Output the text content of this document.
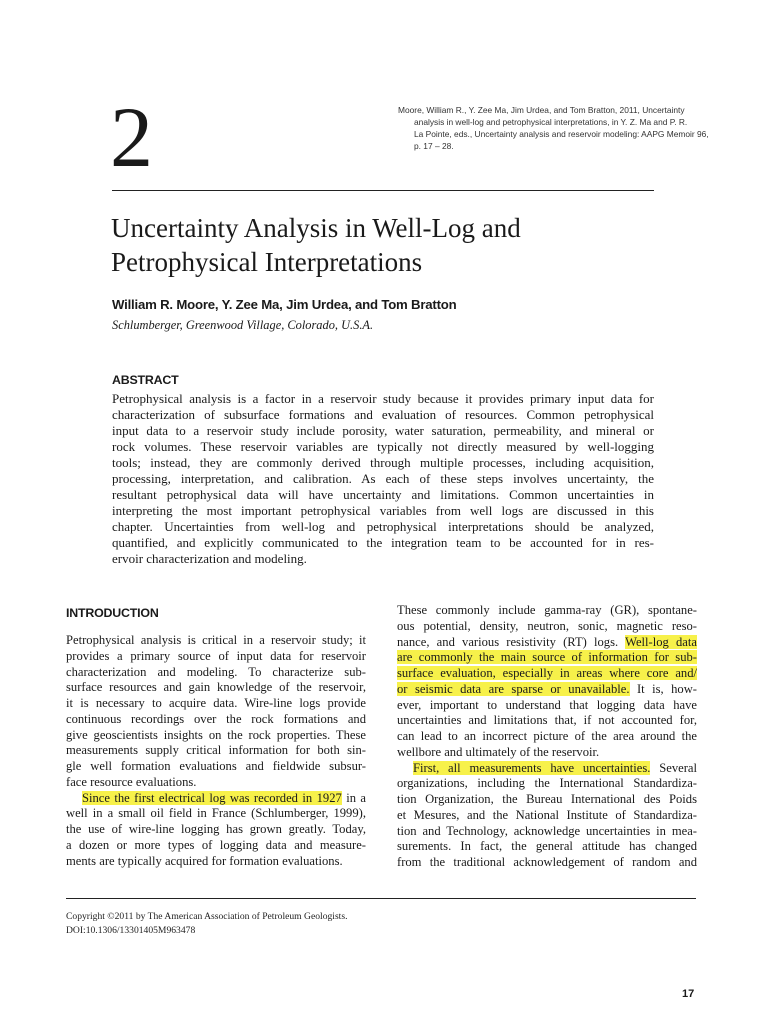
2	Moore, William R., Y. Zee Ma, Jim Urdea, and Tom Bratton, 2011, Uncertainty
analysis in well-log and petrophysical interpretations, in Y. Z. Ma and P. R.
La Pointe, eds., Uncertainty analysis and reservoir modeling: AAPG Memoir 96,
p. 17 – 28.
Uncertainty Analysis in Well-Log and
Petrophysical Interpretations
William R. Moore, Y. Zee Ma, Jim Urdea, and Tom Bratton
Schlumberger, Greenwood Village, Colorado, U.S.A.
ABSTRACT
Petrophysical analysis is a factor in a reservoir study because it provides primary input data for
characterization of subsurface formations and evaluation of resources. Common petrophysical
input data to a reservoir study include porosity, water saturation, permeability, and mineral or
rock volumes. These reservoir variables are typically not directly measured by well-logging
tools; instead, they are commonly derived through multiple processes, including acquisition,
processing, interpretation, and calibration. As each of these steps involves uncertainty, the
resultant petrophysical data will have uncertainty and limitations. Common uncertainties in
interpreting the most important petrophysical variables from well logs are discussed in this
chapter. Uncertainties from well-log and petrophysical interpretations should be analyzed,
quantified, and explicitly communicated to the integration team to be accounted for in res-
ervoir characterization and modeling.
INTRODUCTION
Petrophysical analysis is critical in a reservoir study; it
provides a primary source of input data for reservoir
characterization and modeling. To characterize sub-
surface resources and gain knowledge of the reservoir,
it is necessary to acquire data. Wire-line logs provide
continuous recordings over the rock formations and
give geoscientists insights on the rock properties. These
measurements supply critical information for both sin-
gle well formation evaluations and fieldwide subsur-
face resource evaluations.
Since the first electrical log was recorded in 1927 in a
well in a small oil field in France (Schlumberger, 1999),
the use of wire-line logging has grown greatly. Today,
a dozen or more types of logging data and measure-
ments are typically acquired for formation evaluations.
These commonly include gamma-ray (GR), spontane-
ous potential, density, neutron, sonic, magnetic reso-
nance, and various resistivity (RT) logs. Well-log data
are commonly the main source of information for sub-
surface evaluation, especially in areas where core and/
or seismic data are sparse or unavailable. It is, how-
ever, important to understand that logging data have
uncertainties and limitations that, if not accounted for,
can lead to an incorrect picture of the area around the
wellbore and ultimately of the reservoir.
First, all measurements have uncertainties. Several
organizations, including the International Standardiza-
tion Organization, the Bureau International des Poids
et Mesures, and the National Institute of Standardiza-
tion and Technology, acknowledge uncertainties in mea-
surements. In fact, the general attitude has changed
from the traditional acknowledgement of random and
Copyright ©2011 by The American Association of Petroleum Geologists.
DOI:10.1306/13301405M963478
17
